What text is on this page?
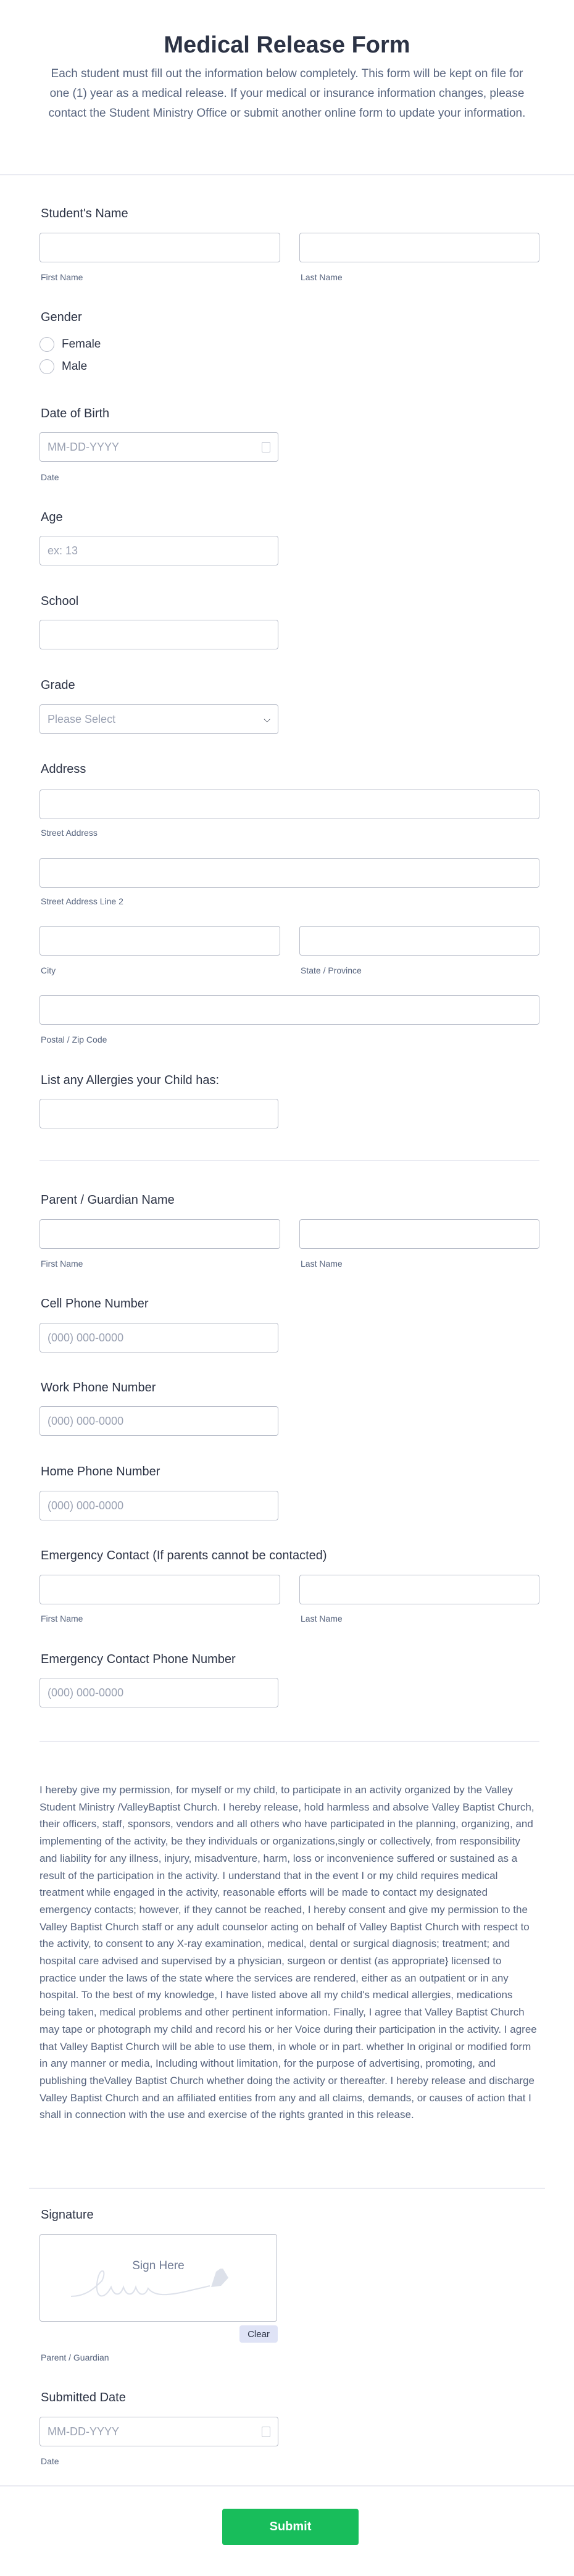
Medical Release Form
Each student must fill out the information below completely. This form will be kept on file for one (1) year as a medical release. If your medical or insurance information changes, please contact the Student Ministry Office or submit another online form to update your information.
Student's Name
First Name	Last Name
Gender
Female
Male
Date of Birth
MM-DD-YYYY
Date
Age
ex: 13
School
Grade
Please Select	⌵
Address
Street Address
Street Address Line 2
City	State / Province
Postal / Zip Code
List any Allergies your Child has:
Parent / Guardian Name
First Name	Last Name
Cell Phone Number
(000) 000-0000
Work Phone Number
(000) 000-0000
Home Phone Number
(000) 000-0000
Emergency Contact (If parents cannot be contacted)
First Name	Last Name
Emergency Contact Phone Number
(000) 000-0000
I hereby give my permission, for myself or my child, to participate in an activity organized by the Valley Student Ministry /ValleyBaptist Church. I hereby release, hold harmless and absolve Valley Baptist Church, their officers, staff, sponsors, vendors and all others who have participated in the planning, organizing, and implementing of the activity, be they individuals or organizations,singly or collectively, from responsibility and liability for any illness, injury, misadventure, harm, loss or inconvenience suffered or sustained as a result of the participation in the activity. I understand that in the event I or my child requires medical treatment while engaged in the activity, reasonable efforts will be made to contact my designated emergency contacts; however, if they cannot be reached, I hereby consent and give my permission to the Valley Baptist Church staff or any adult counselor acting on behalf of Valley Baptist Church with respect to the activity, to consent to any X-ray examination, medical, dental or surgical diagnosis; treatment; and hospital care advised and supervised by a physician, surgeon or dentist (as appropriate} licensed to practice under the laws of the state where the services are rendered, either as an outpatient or in any hospital. To the best of my knowledge, I have listed above all my child's medical allergies, medications being taken, medical problems and other pertinent information. Finally, I agree that Valley Baptist Church may tape or photograph my child and record his or her Voice during their participation in the activity. I agree that Valley Baptist Church will be able to use them, in whole or in part. whether In original or modified form in any manner or media, Including without limitation, for the purpose of advertising, promoting, and publishing theValley Baptist Church whether doing the activity or thereafter. I hereby release and discharge Valley Baptist Church and an affiliated entities from any and all claims, demands, or causes of action that I shall in connection with the use and exercise of the rights granted in this release.
Signature
Sign Here
Clear
Parent / Guardian
Submitted Date
MM-DD-YYYY
Date
Submit
